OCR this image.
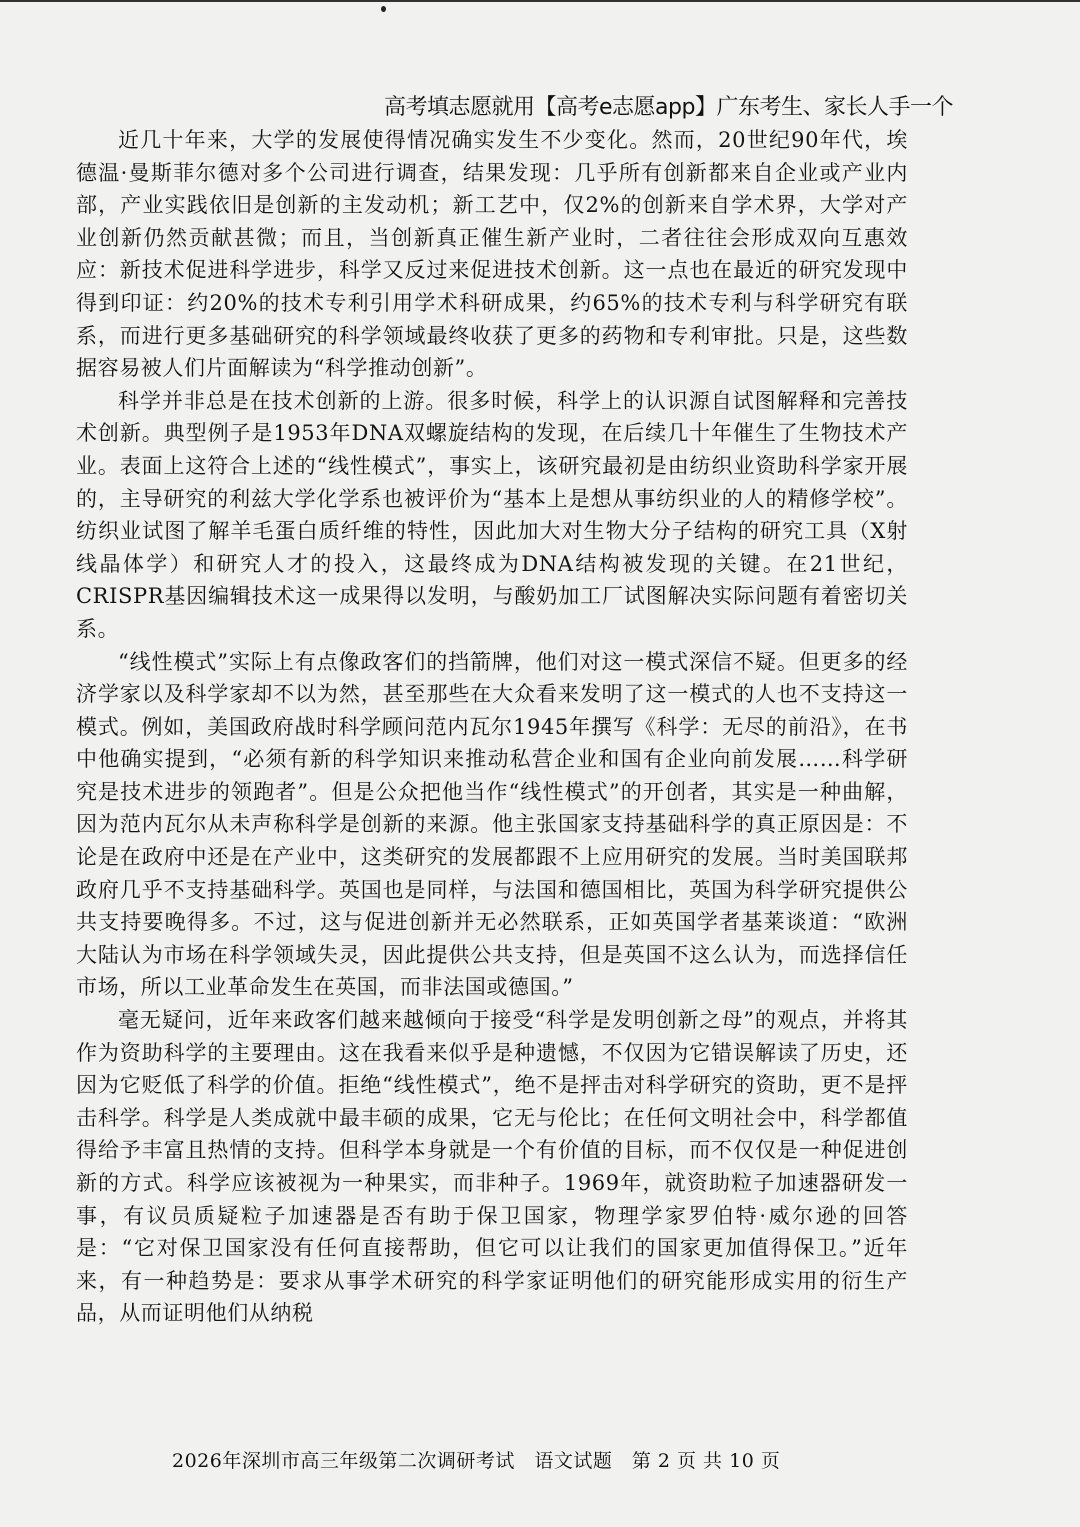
高考填志愿就用【高考e志愿app】广东考生、家长人手一个

近几十年来，大学的发展使得情况确实发生不少变化。然而，20世纪90年代，埃德温·曼斯菲尔德对多个公司进行调查，结果发现：几乎所有创新都来自企业或产业内部，产业实践依旧是创新的主发动机；新工艺中，仅2%的创新来自学术界，大学对产业创新仍然贡献甚微；而且，当创新真正催生新产业时，二者往往会形成双向互惠效应：新技术促进科学进步，科学又反过来促进技术创新。这一点也在最近的研究发现中得到印证：约20%的技术专利引用学术科研成果，约65%的技术专利与科学研究有联系，而进行更多基础研究的科学领域最终收获了更多的药物和专利审批。只是，这些数据容易被人们片面解读为“科学推动创新”。

科学并非总是在技术创新的上游。很多时候，科学上的认识源自试图解释和完善技术创新。典型例子是1953年DNA双螺旋结构的发现，在后续几十年催生了生物技术产业。表面上这符合上述的“线性模式”，事实上，该研究最初是由纺织业资助科学家开展的，主导研究的利兹大学化学系也被评价为“基本上是想从事纺织业的人的精修学校”。纺织业试图了解羊毛蛋白质纤维的特性，因此加大对生物大分子结构的研究工具（X射线晶体学）和研究人才的投入，这最终成为DNA结构被发现的关键。在21世纪，CRISPR基因编辑技术这一成果得以发明，与酸奶加工厂试图解决实际问题有着密切关系。

“线性模式”实际上有点像政客们的挡箭牌，他们对这一模式深信不疑。但更多的经济学家以及科学家却不以为然，甚至那些在大众看来发明了这一模式的人也不支持这一模式。例如，美国政府战时科学顾问范内瓦尔1945年撰写《科学：无尽的前沿》，在书中他确实提到，“必须有新的科学知识来推动私营企业和国有企业向前发展……科学研究是技术进步的领跑者”。但是公众把他当作“线性模式”的开创者，其实是一种曲解，因为范内瓦尔从未声称科学是创新的来源。他主张国家支持基础科学的真正原因是：不论是在政府中还是在产业中，这类研究的发展都跟不上应用研究的发展。当时美国联邦政府几乎不支持基础科学。英国也是同样，与法国和德国相比，英国为科学研究提供公共支持要晚得多。不过，这与促进创新并无必然联系，正如英国学者基莱谈道：“欧洲大陆认为市场在科学领域失灵，因此提供公共支持，但是英国不这么认为，而选择信任市场，所以工业革命发生在英国，而非法国或德国。”

毫无疑问，近年来政客们越来越倾向于接受“科学是发明创新之母”的观点，并将其作为资助科学的主要理由。这在我看来似乎是种遗憾，不仅因为它错误解读了历史，还因为它贬低了科学的价值。拒绝“线性模式”，绝不是抨击对科学研究的资助，更不是抨击科学。科学是人类成就中最丰硕的成果，它无与伦比；在任何文明社会中，科学都值得给予丰富且热情的支持。但科学本身就是一个有价值的目标，而不仅仅是一种促进创新的方式。科学应该被视为一种果实，而非种子。1969年，就资助粒子加速器研发一事，有议员质疑粒子加速器是否有助于保卫国家，物理学家罗伯特·威尔逊的回答是：“它对保卫国家没有任何直接帮助，但它可以让我们的国家更加值得保卫。”近年来，有一种趋势是：要求从事学术研究的科学家证明他们的研究能形成实用的衍生产品，从而证明他们从纳税

2026年深圳市高三年级第二次调研考试　语文试题　第 2 页 共 10 页
